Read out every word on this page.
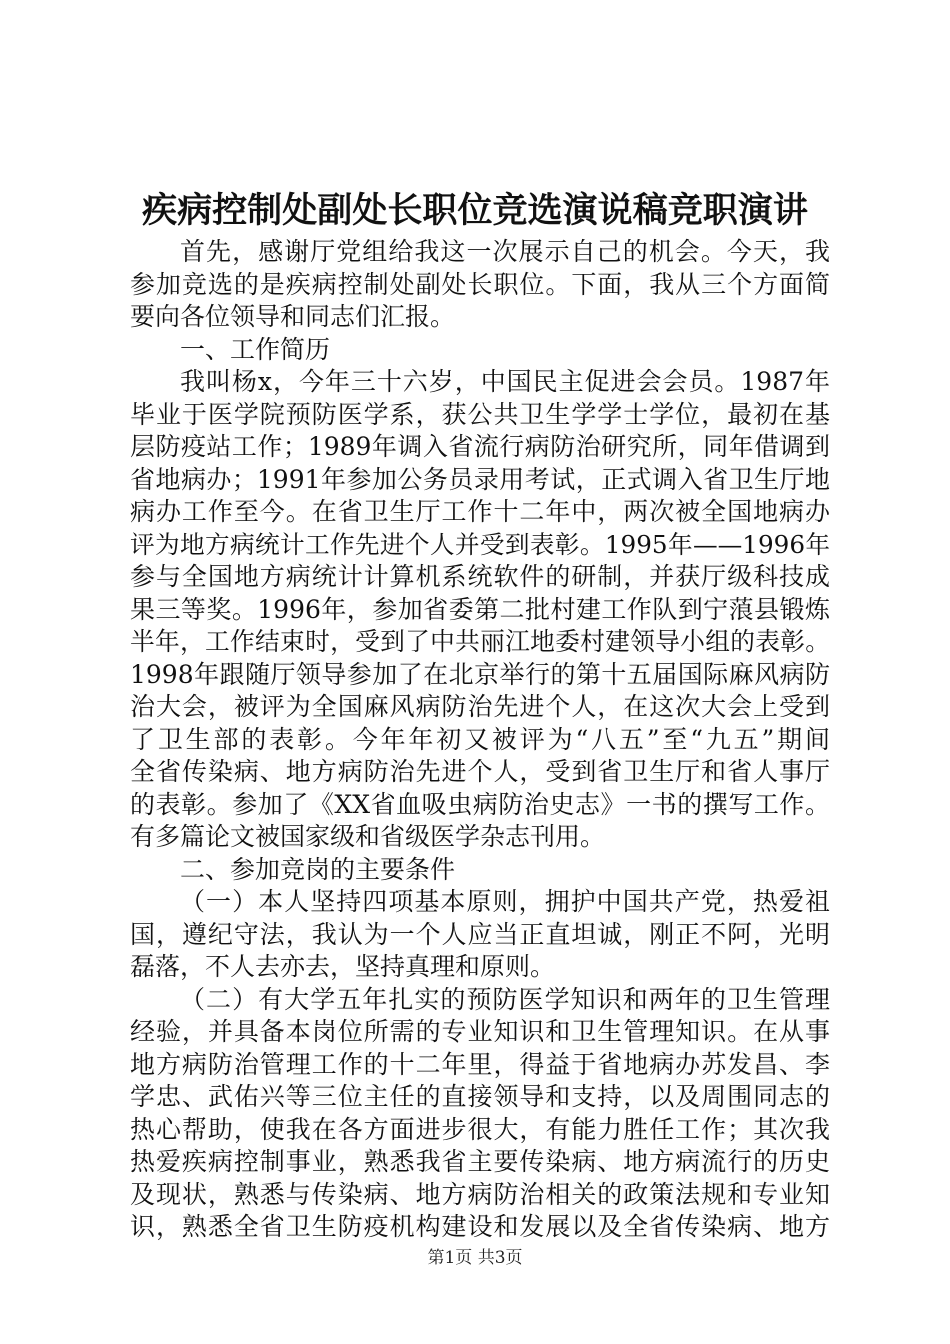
疾病控制处副处长职位竞选演说稿竞职演讲
首先，感谢厅党组给我这一次展示自己的机会。今天，我
参加竞选的是疾病控制处副处长职位。下面，我从三个方面简
要向各位领导和同志们汇报。
一、工作简历
我叫杨x，今年三十六岁，中国民主促进会会员。1987年
毕业于医学院预防医学系，获公共卫生学学士学位，最初在基
层防疫站工作；1989年调入省流行病防治研究所，同年借调到
省地病办；1991年参加公务员录用考试，正式调入省卫生厅地
病办工作至今。在省卫生厅工作十二年中，两次被全国地病办
评为地方病统计工作先进个人并受到表彰。1995年——1996年
参与全国地方病统计计算机系统软件的研制，并获厅级科技成
果三等奖。1996年，参加省委第二批村建工作队到宁蒗县锻炼
半年，工作结束时，受到了中共丽江地委村建领导小组的表彰。
1998年跟随厅领导参加了在北京举行的第十五届国际麻风病防
治大会，被评为全国麻风病防治先进个人，在这次大会上受到
了卫生部的表彰。今年年初又被评为“八五”至“九五”期间
全省传染病、地方病防治先进个人，受到省卫生厅和省人事厅
的表彰。参加了《XX省血吸虫病防治史志》一书的撰写工作。
有多篇论文被国家级和省级医学杂志刊用。
二、参加竞岗的主要条件
（一）本人坚持四项基本原则，拥护中国共产党，热爱祖
国，遵纪守法，我认为一个人应当正直坦诚，刚正不阿，光明
磊落，不人去亦去，坚持真理和原则。
（二）有大学五年扎实的预防医学知识和两年的卫生管理
经验，并具备本岗位所需的专业知识和卫生管理知识。在从事
地方病防治管理工作的十二年里，得益于省地病办苏发昌、李
学忠、武佑兴等三位主任的直接领导和支持，以及周围同志的
热心帮助，使我在各方面进步很大，有能力胜任工作；其次我
热爱疾病控制事业，熟悉我省主要传染病、地方病流行的历史
及现状，熟悉与传染病、地方病防治相关的政策法规和专业知
识，熟悉全省卫生防疫机构建设和发展以及全省传染病、地方
第1页 共3页
